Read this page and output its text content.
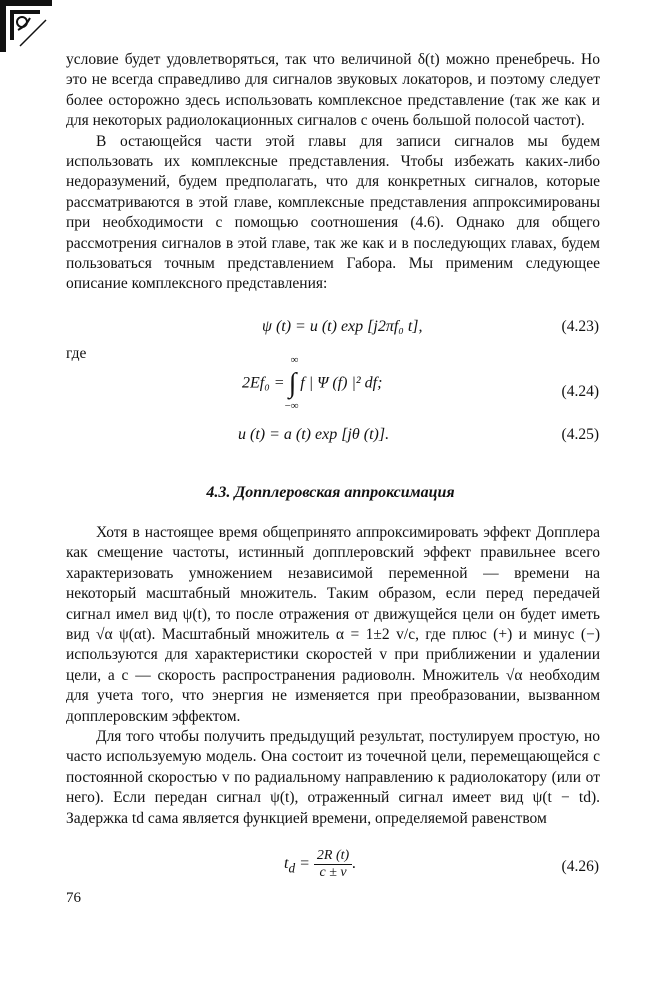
условие будет удовлетворяться, так что величиной δ(t) можно пренебречь. Но это не всегда справедливо для сигналов звуковых локаторов, и поэтому следует более осторожно здесь использовать комплексное представление (так же как и для некоторых радиолокационных сигналов с очень большой полосой частот).

В остающейся части этой главы для записи сигналов мы будем использовать их комплексные представления. Чтобы избежать каких-либо недоразумений, будем предполагать, что для конкретных сигналов, которые рассматриваются в этой главе, комплексные представления аппроксимированы при необходимости с помощью соотношения (4.6). Однако для общего рассмотрения сигналов в этой главе, так же как и в последующих главах, будем пользоваться точным представлением Габора. Мы применим следующее описание комплексного представления:

ψ (t) = u (t) exp [j2πf₀ t],	(4.23)
где
2Ef₀ =
∞
∫
−∞
f | Ψ (f) |² df;	(4.24)
u (t) = a (t) exp [jθ (t)].	(4.25)
4.3. Допплеровская аппроксимация

Хотя в настоящее время общепринято аппроксимировать эффект Допплера как смещение частоты, истинный допплеровский эффект правильнее всего характеризовать умножением независимой переменной — времени на некоторый масштабный множитель. Таким образом, если перед передачей сигнал имел вид ψ(t), то после отражения от движущейся цели он будет иметь вид √α ψ(αt). Масштабный множитель α = 1±2 v/c, где плюс (+) и минус (−) используются для характеристики скоростей v при приближении и удалении цели, а c — скорость распространения радиоволн. Множитель √α необходим для учета того, что энергия не изменяется при преобразовании, вызванном допплеровским эффектом.

Для того чтобы получить предыдущий результат, постулируем простую, но часто используемую модель. Она состоит из точечной цели, перемещающейся с постоянной скоростью v по радиальному направлению к радиолокатору (или от него). Если передан сигнал ψ(t), отраженный сигнал имеет вид ψ(t − td). Задержка td сама является функцией времени, определяемой равенством

$t_d = \frac{2R (t)}{c \pm v}$ .	(4.26)
76
